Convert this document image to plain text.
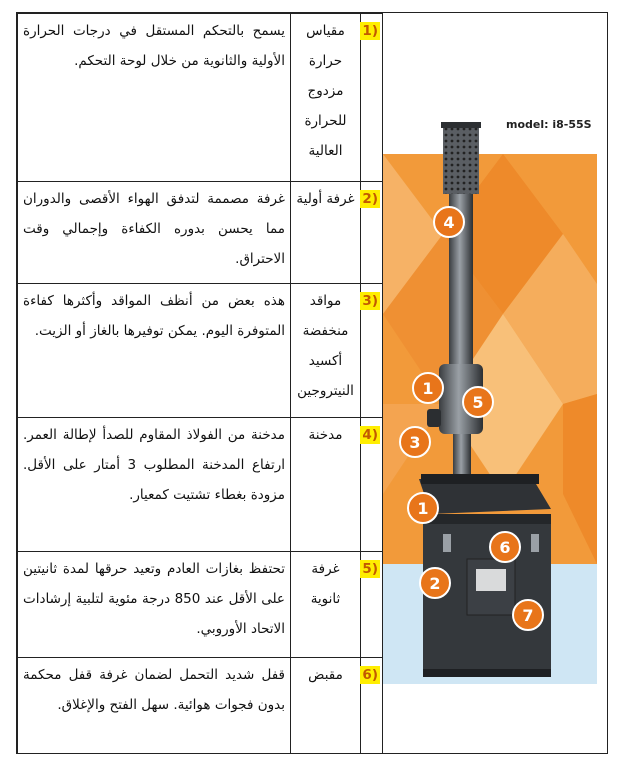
1)	مقياس حرارة مزدوج للحرارة العالية	يسمح بالتحكم المستقل في درجات الحرارة الأولية والثانوية من خلال لوحة التحكم.
2)	غرفة أولية	غرفة مصممة لتدفق الهواء الأقصى والدوران مما يحسن بدوره الكفاءة وإجمالي وقت الاحتراق.
3)	مواقد منخفضة أكسيد النيتروجين	هذه بعض من أنظف المواقد وأكثرها كفاءة المتوفرة اليوم. يمكن توفيرها بالغاز أو الزيت.
4)	مدخنة	مدخنة من الفولاذ المقاوم للصدأ لإطالة العمر. ارتفاع المدخنة المطلوب 3 أمتار على الأقل. مزودة بغطاء تشتيت كمعيار.
5)	غرفة ثانوية	تحتفظ بغازات العادم وتعيد حرقها لمدة ثانيتين على الأقل عند 850 درجة مئوية لتلبية إرشادات الاتحاد الأوروبي.
6)	مقبض	قفل شديد التحمل لضمان غرفة قفل محكمة بدون فجوات هوائية. سهل الفتح والإغلاق.
4
1
5
3
1
6
2
7
model: i8-55S
